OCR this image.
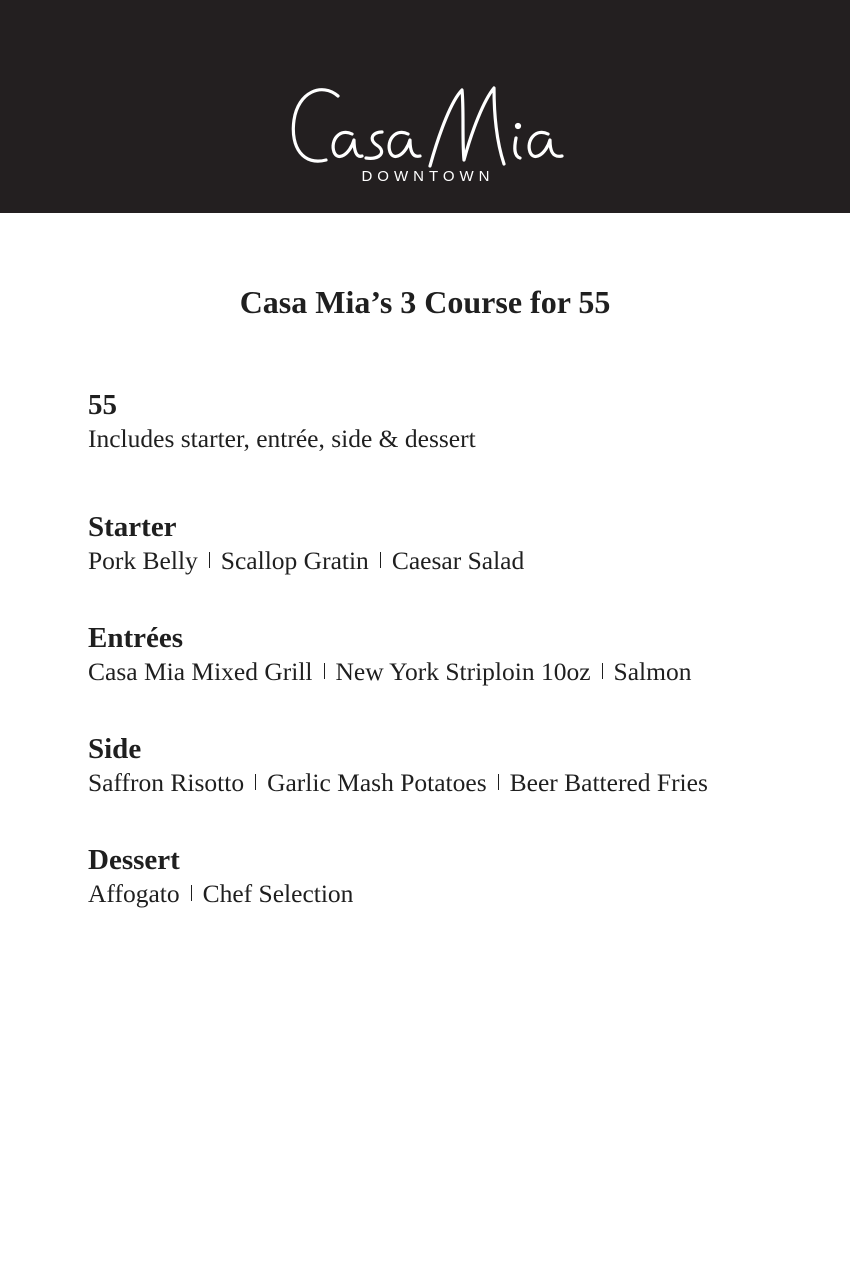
DOWNTOWN
Casa Mia’s 3 Course for 55

55

Includes starter, entrée, side & dessert

Starter

Pork Belly Scallop Gratin Caesar Salad

Entrées

Casa Mia Mixed Grill New York Striploin 10oz Salmon

Side

Saffron Risotto Garlic Mash Potatoes Beer Battered Fries

Dessert

Affogato Chef Selection
